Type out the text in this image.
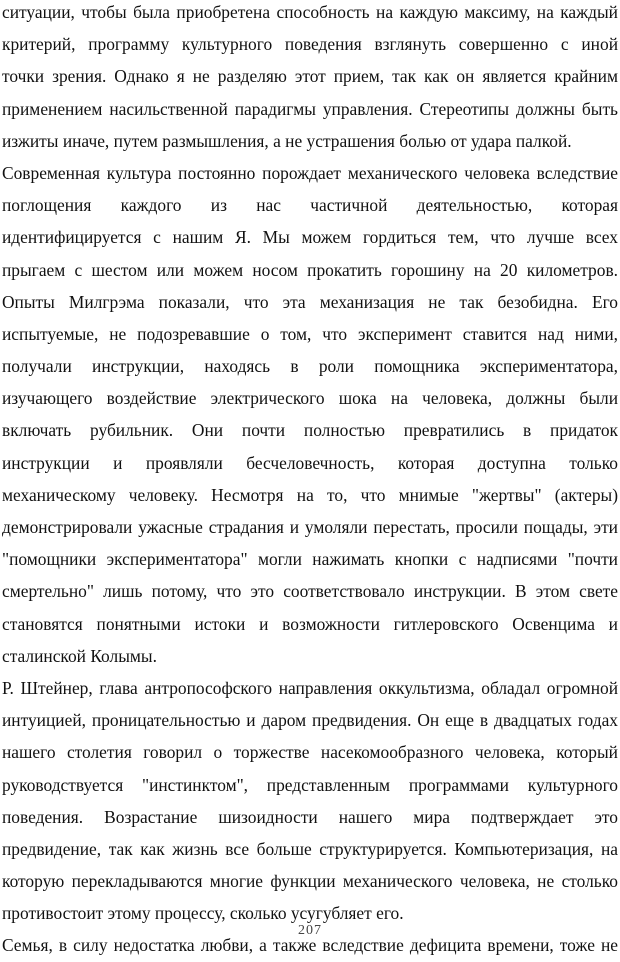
ситуации, чтобы была приобретена способность на каждую максиму, на каждый
критерий, программу культурного поведения взглянуть совершенно с иной
точки зрения. Однако я не разделяю этот прием, так как он является крайним
применением насильственной парадигмы управления. Стереотипы должны быть
изжиты иначе, путем размышления, а не устрашения болью от удара палкой.
Современная культура постоянно порождает механического человека вследствие
поглощения каждого из нас частичной деятельностью, которая
идентифицируется с нашим Я. Мы можем гордиться тем, что лучше всех
прыгаем с шестом или можем носом прокатить горошину на 20 километров.
Опыты Милгрэма показали, что эта механизация не так безобидна. Его
испытуемые, не подозревавшие о том, что эксперимент ставится над ними,
получали инструкции, находясь в роли помощника экспериментатора,
изучающего воздействие электрического шока на человека, должны были
включать рубильник. Они почти полностью превратились в придаток
инструкции и проявляли бесчеловечность, которая доступна только
механическому человеку. Несмотря на то, что мнимые "жертвы" (актеры)
демонстрировали ужасные страдания и умоляли перестать, просили пощады, эти
"помощники экспериментатора" могли нажимать кнопки с надписями "почти
смертельно" лишь потому, что это соответствовало инструкции. В этом свете
становятся понятными истоки и возможности гитлеровского Освенцима и
сталинской Колымы.
Р. Штейнер, глава антропософского направления оккультизма, обладал огромной
интуицией, проницательностью и даром предвидения. Он еще в двадцатых годах
нашего столетия говорил о торжестве насекомообразного человека, который
руководствуется "инстинктом", представленным программами культурного
поведения. Возрастание шизоидности нашего мира подтверждает это
предвидение, так как жизнь все больше структурируется. Компьютеризация, на
которую перекладываются многие функции механического человека, не столько
противостоит этому процессу, сколько усугубляет его.
Семья, в силу недостатка любви, а также вследствие дефицита времени, тоже не
207
